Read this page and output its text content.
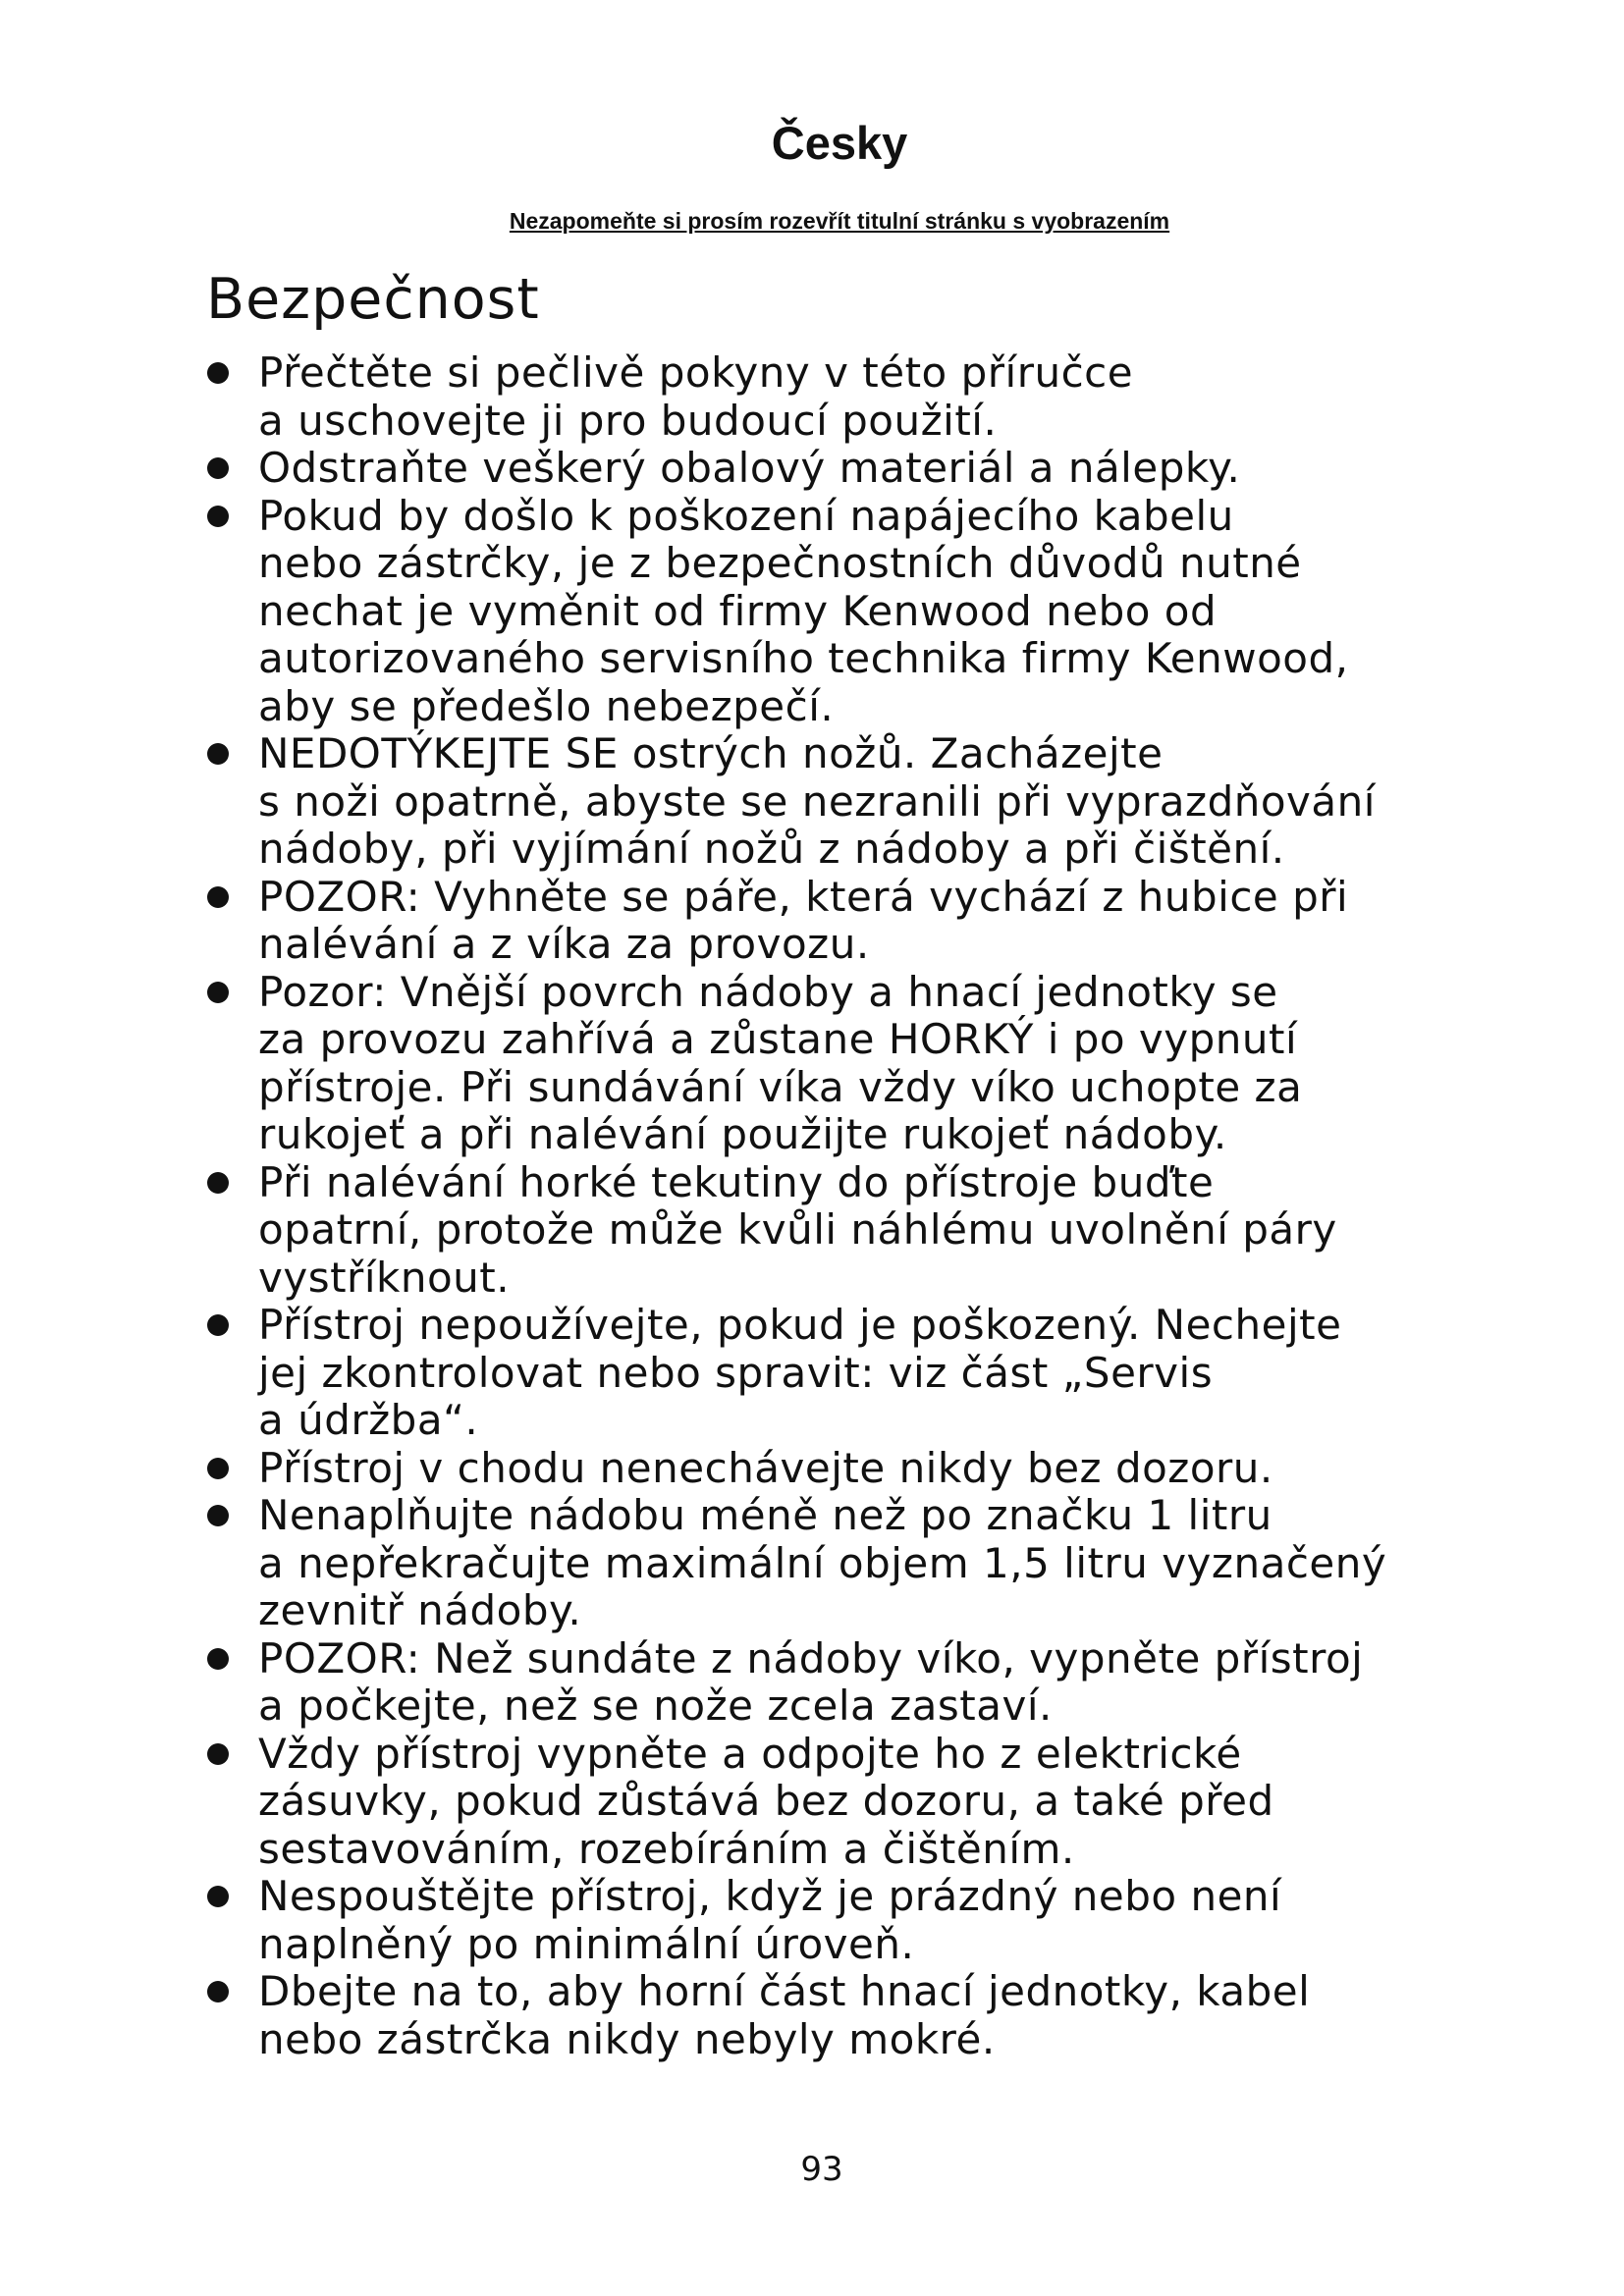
Česky

Nezapomeňte si prosím rozevřít titulní stránku s vyobrazením

Bezpečnost
Přečtěte si pečlivě pokyny v této příručce
a uschovejte ji pro budoucí použití.
Odstraňte veškerý obalový materiál a nálepky.
Pokud by došlo k poškození napájecího kabelu
nebo zástrčky, je z bezpečnostních důvodů nutné
nechat je vyměnit od firmy Kenwood nebo od
autorizovaného servisního technika firmy Kenwood,
aby se předešlo nebezpečí.
NEDOTÝKEJTE SE ostrých nožů. Zacházejte
s noži opatrně, abyste se nezranili při vyprazdňování
nádoby, při vyjímání nožů z nádoby a při čištění.
POZOR: Vyhněte se páře, která vychází z hubice při
nalévání a z víka za provozu.
Pozor: Vnější povrch nádoby a hnací jednotky se
za provozu zahřívá a zůstane HORKÝ i po vypnutí
přístroje. Při sundávání víka vždy víko uchopte za
rukojeť a při nalévání použijte rukojeť nádoby.
Při nalévání horké tekutiny do přístroje buďte
opatrní, protože může kvůli náhlému uvolnění páry
vystříknout.
Přístroj nepoužívejte, pokud je poškozený. Nechejte
jej zkontrolovat nebo spravit: viz část „Servis
a údržba“.
Přístroj v chodu nenechávejte nikdy bez dozoru.
Nenaplňujte nádobu méně než po značku 1 litru
a nepřekračujte maximální objem 1,5 litru vyznačený
zevnitř nádoby.
POZOR: Než sundáte z nádoby víko, vypněte přístroj
a počkejte, než se nože zcela zastaví.
Vždy přístroj vypněte a odpojte ho z elektrické
zásuvky, pokud zůstává bez dozoru, a také před
sestavováním, rozebíráním a čištěním.
Nespouštějte přístroj, když je prázdný nebo není
naplněný po minimální úroveň.
Dbejte na to, aby horní část hnací jednotky, kabel
nebo zástrčka nikdy nebyly mokré.
93
